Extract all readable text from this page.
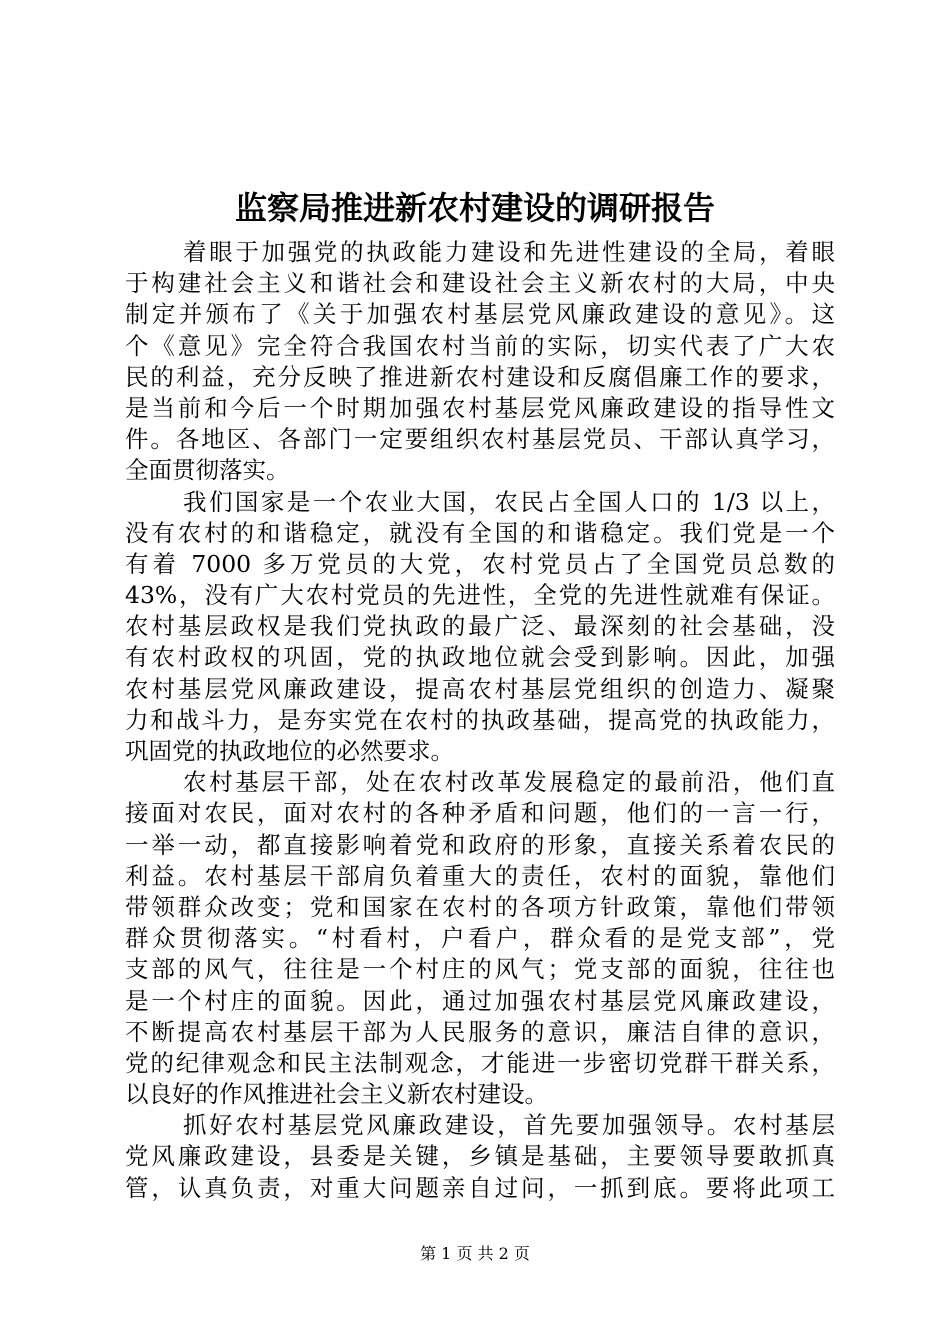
监察局推进新农村建设的调研报告
着眼于加强党的执政能力建设和先进性建设的全局，着眼
于构建社会主义和谐社会和建设社会主义新农村的大局，中央
制定并颁布了《关于加强农村基层党风廉政建设的意见》。这
个《意见》完全符合我国农村当前的实际，切实代表了广大农
民的利益，充分反映了推进新农村建设和反腐倡廉工作的要求，
是当前和今后一个时期加强农村基层党风廉政建设的指导性文
件。各地区、各部门一定要组织农村基层党员、干部认真学习，
全面贯彻落实。
我们国家是一个农业大国，农民占全国人口的 1/3 以上，
没有农村的和谐稳定，就没有全国的和谐稳定。我们党是一个
有着 7000 多万党员的大党，农村党员占了全国党员总数的
43%，没有广大农村党员的先进性，全党的先进性就难有保证。
农村基层政权是我们党执政的最广泛、最深刻的社会基础，没
有农村政权的巩固，党的执政地位就会受到影响。因此，加强
农村基层党风廉政建设，提高农村基层党组织的创造力、凝聚
力和战斗力，是夯实党在农村的执政基础，提高党的执政能力，
巩固党的执政地位的必然要求。
农村基层干部，处在农村改革发展稳定的最前沿，他们直
接面对农民，面对农村的各种矛盾和问题，他们的一言一行，
一举一动，都直接影响着党和政府的形象，直接关系着农民的
利益。农村基层干部肩负着重大的责任，农村的面貌，靠他们
带领群众改变；党和国家在农村的各项方针政策，靠他们带领
群众贯彻落实。“村看村，户看户，群众看的是党支部”，党
支部的风气，往往是一个村庄的风气；党支部的面貌，往往也
是一个村庄的面貌。因此，通过加强农村基层党风廉政建设，
不断提高农村基层干部为人民服务的意识，廉洁自律的意识，
党的纪律观念和民主法制观念，才能进一步密切党群干群关系，
以良好的作风推进社会主义新农村建设。
抓好农村基层党风廉政建设，首先要加强领导。农村基层
党风廉政建设，县委是关键，乡镇是基础，主要领导要敢抓真
管，认真负责，对重大问题亲自过问，一抓到底。要将此项工
第 1 页 共 2 页
